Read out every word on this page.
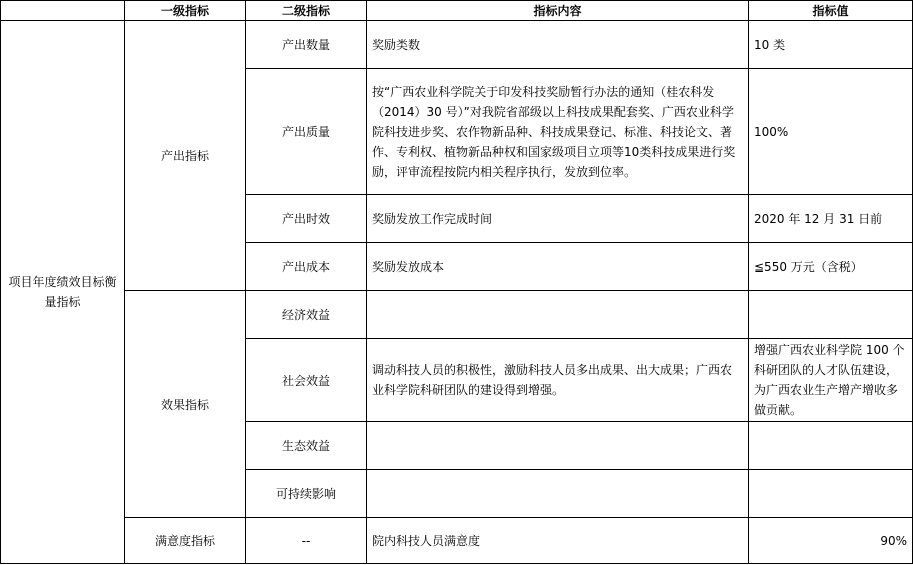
	一级指标	二级指标	指标内容	指标值
项目年度绩效目标衡量指标	产出指标	产出数量	奖励类数	10 类
		产出质量	按“广西农业科学院关于印发科技奖励暂行办法的通知（桂农科发（2014）30 号）”对我院省部级以上科技成果配套奖、广西农业科学院科技进步奖、农作物新品种、科技成果登记、标准、科技论文、著作、专利权、植物新品种权和国家级项目立项等10类科技成果进行奖励，评审流程按院内相关程序执行，发放到位率。	100%
		产出时效	奖励发放工作完成时间	2020 年 12 月 31 日前
		产出成本	奖励发放成本	≦550 万元（含税）
	效果指标	经济效益		
		社会效益	调动科技人员的积极性，激励科技人员多出成果、出大成果；广西农业科学院科研团队的建设得到增强。	增强广西农业科学院 100 个科研团队的人才队伍建设，为广西农业生产增产增收多做贡献。
		生态效益		
		可持续影响		
	满意度指标	--	院内科技人员满意度	90%
